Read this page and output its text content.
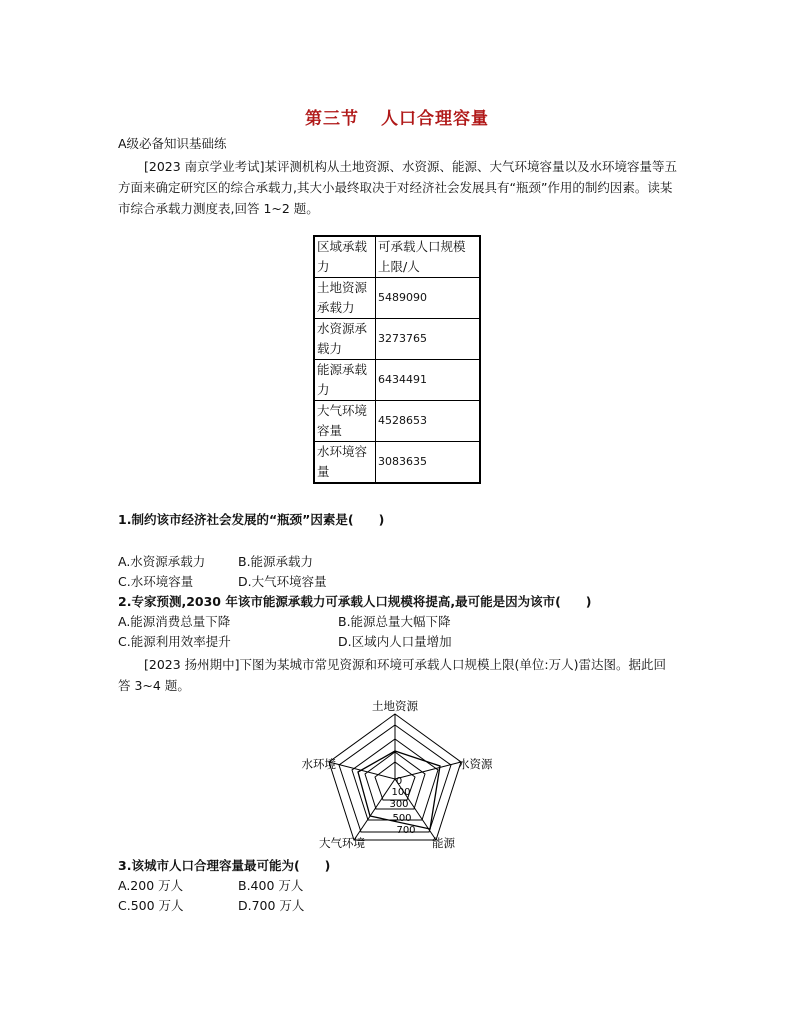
第三节 人口合理容量
A级必备知识基础练

[2023 南京学业考试]某评测机构从土地资源、水资源、能源、大气环境容量以及水环境容量等五方面来确定研究区的综合承载力,其大小最终取决于对经济社会发展具有“瓶颈”作用的制约因素。读某市综合承载力测度表,回答 1~2 题。

区域承载力	可承载人口规模上限/人
土地资源承载力	5489090
水资源承载力	3273765
能源承载力	6434491
大气环境容量	4528653
水环境容量	3083635
1.制约该市经济社会发展的“瓶颈”因素是(　　)
A.水资源承载力	B.能源承载力
C.水环境容量	D.大气环境容量
2.专家预测,2030 年该市能源承载力可承载人口规模将提高,最可能是因为该市(　　)
A.能源消费总量下降	B.能源总量大幅下降
C.能源利用效率提升	D.区域内人口量增加

[2023 扬州期中]下图为某城市常见资源和环境可承载人口规模上限(单位:万人)雷达图。据此回答 3~4 题。

土地资源
水资源
能源
大气环境
水环境
0
100
300
500
700
3.该城市人口合理容量最可能为(　　)
A.200 万人	B.400 万人
C.500 万人	D.700 万人
